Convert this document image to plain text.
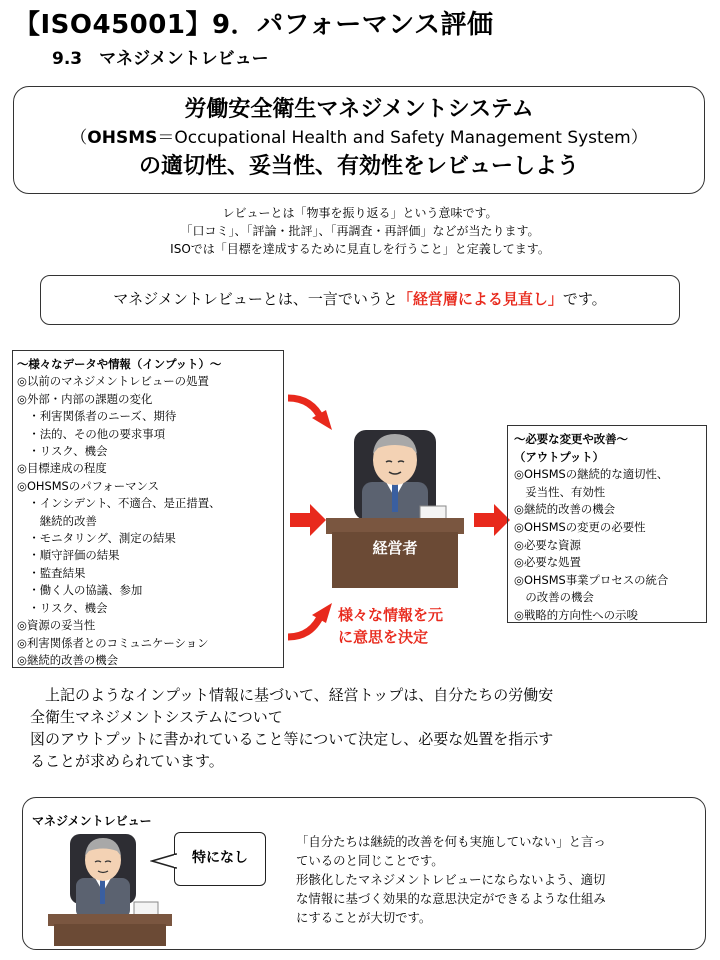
【ISO45001】9．パフォーマンス評価
9.3　マネジメントレビュー
労働安全衛生マネジメントシステム
（OHSMS＝Occupational Health and Safety Management System）
の適切性、妥当性、有効性をレビューしよう
レビューとは「物事を振り返る」という意味です。
「口コミ」、「評論・批評」、「再調査・再評価」などが当たります。
ISOでは「目標を達成するために見直しを行うこと」と定義してます。
マネジメントレビューとは、一言でいうと「経営層による見直し」です。
～様々なデータや情報（インプット）～
◎以前のマネジメントレビューの処置
◎外部・内部の課題の変化
　・利害関係者のニーズ、期待
　・法的、その他の要求事項
　・リスク、機会
◎目標達成の程度
◎OHSMSのパフォーマンス
　・インシデント、不適合、是正措置、
　　継続的改善
　・モニタリング、測定の結果
　・順守評価の結果
　・監査結果
　・働く人の協議、参加
　・リスク、機会
◎資源の妥当性
◎利害関係者とのコミュニケーション
◎継続的改善の機会
経営者
様々な情報を元
に意思を決定
～必要な変更や改善～
（アウトプット）
◎OHSMSの継続的な適切性、
　妥当性、有効性
◎継続的改善の機会
◎OHSMSの変更の必要性
◎必要な資源
◎必要な処置
◎OHSMS事業プロセスの統合
　の改善の機会
◎戦略的方向性への示唆
　上記のようなインプット情報に基づいて、経営トップは、自分たちの労働安
全衛生マネジメントシステムについて
図のアウトプットに書かれていること等について決定し、必要な処置を指示す
ることが求められています。
マネジメントレビュー
特になし
「自分たちは継続的改善を何も実施していない」と言っ
ているのと同じことです。
形骸化したマネジメントレビューにならないよう、適切
な情報に基づく効果的な意思決定ができるような仕組み
にすることが大切です。
